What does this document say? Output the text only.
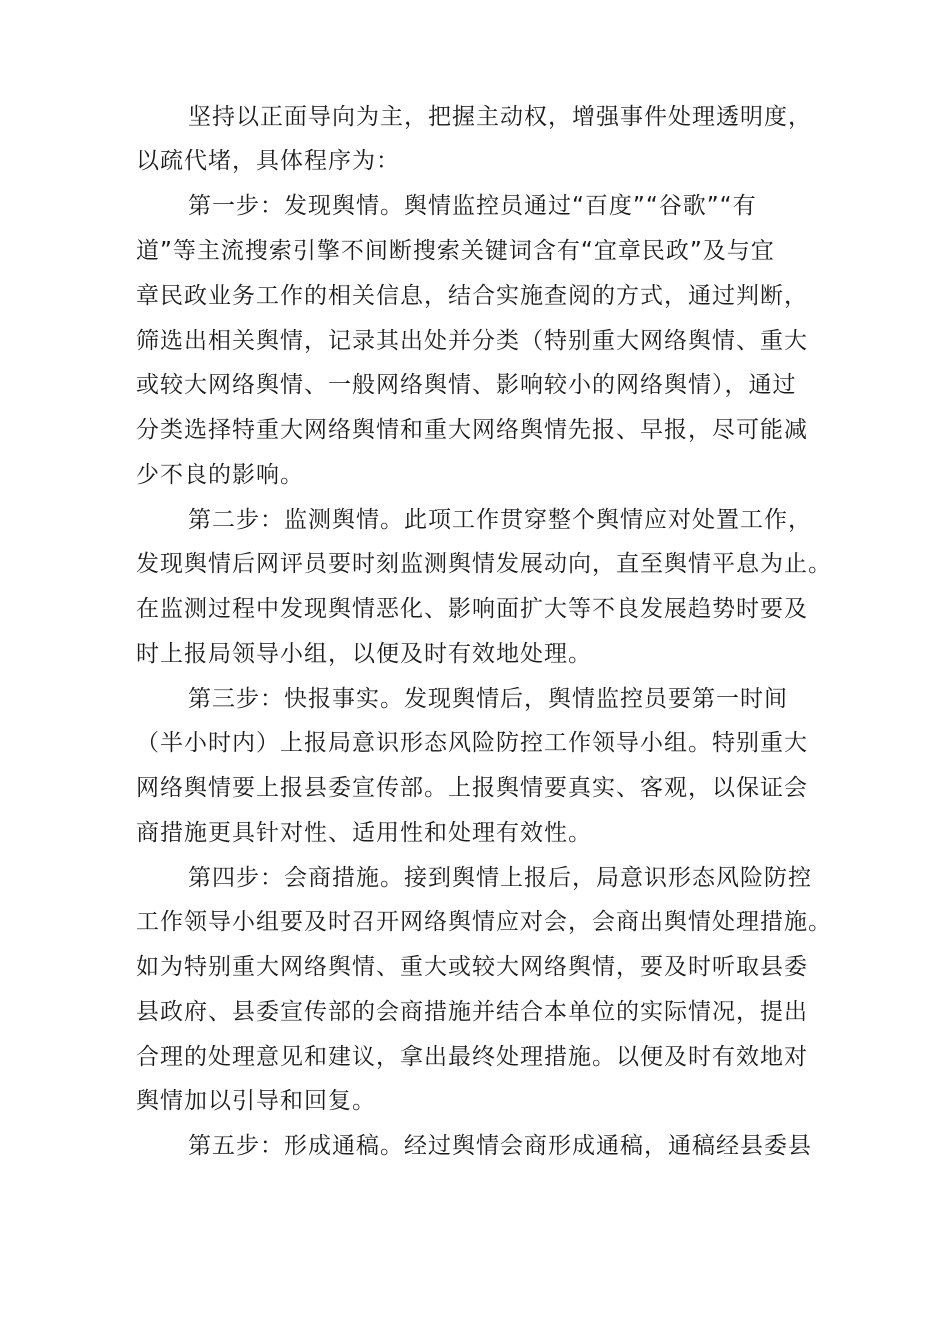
坚持以正面导向为主，把握主动权，增强事件处理透明度，
以疏代堵，具体程序为：
第一步：发现舆情。舆情监控员通过“百度”“谷歌”“有
道”等主流搜索引擎不间断搜索关键词含有“宜章民政”及与宜
章民政业务工作的相关信息，结合实施查阅的方式，通过判断，
筛选出相关舆情，记录其出处并分类（特别重大网络舆情、重大
或较大网络舆情、一般网络舆情、影响较小的网络舆情），通过
分类选择特重大网络舆情和重大网络舆情先报、早报，尽可能减
少不良的影响。
第二步：监测舆情。此项工作贯穿整个舆情应对处置工作，
发现舆情后网评员要时刻监测舆情发展动向，直至舆情平息为止。
在监测过程中发现舆情恶化、影响面扩大等不良发展趋势时要及
时上报局领导小组，以便及时有效地处理。
第三步：快报事实。发现舆情后，舆情监控员要第一时间
（半小时内）上报局意识形态风险防控工作领导小组。特别重大
网络舆情要上报县委宣传部。上报舆情要真实、客观，以保证会
商措施更具针对性、适用性和处理有效性。
第四步：会商措施。接到舆情上报后，局意识形态风险防控
工作领导小组要及时召开网络舆情应对会，会商出舆情处理措施。
如为特别重大网络舆情、重大或较大网络舆情，要及时听取县委
县政府、县委宣传部的会商措施并结合本单位的实际情况，提出
合理的处理意见和建议，拿出最终处理措施。以便及时有效地对
舆情加以引导和回复。
第五步：形成通稿。经过舆情会商形成通稿，通稿经县委县
